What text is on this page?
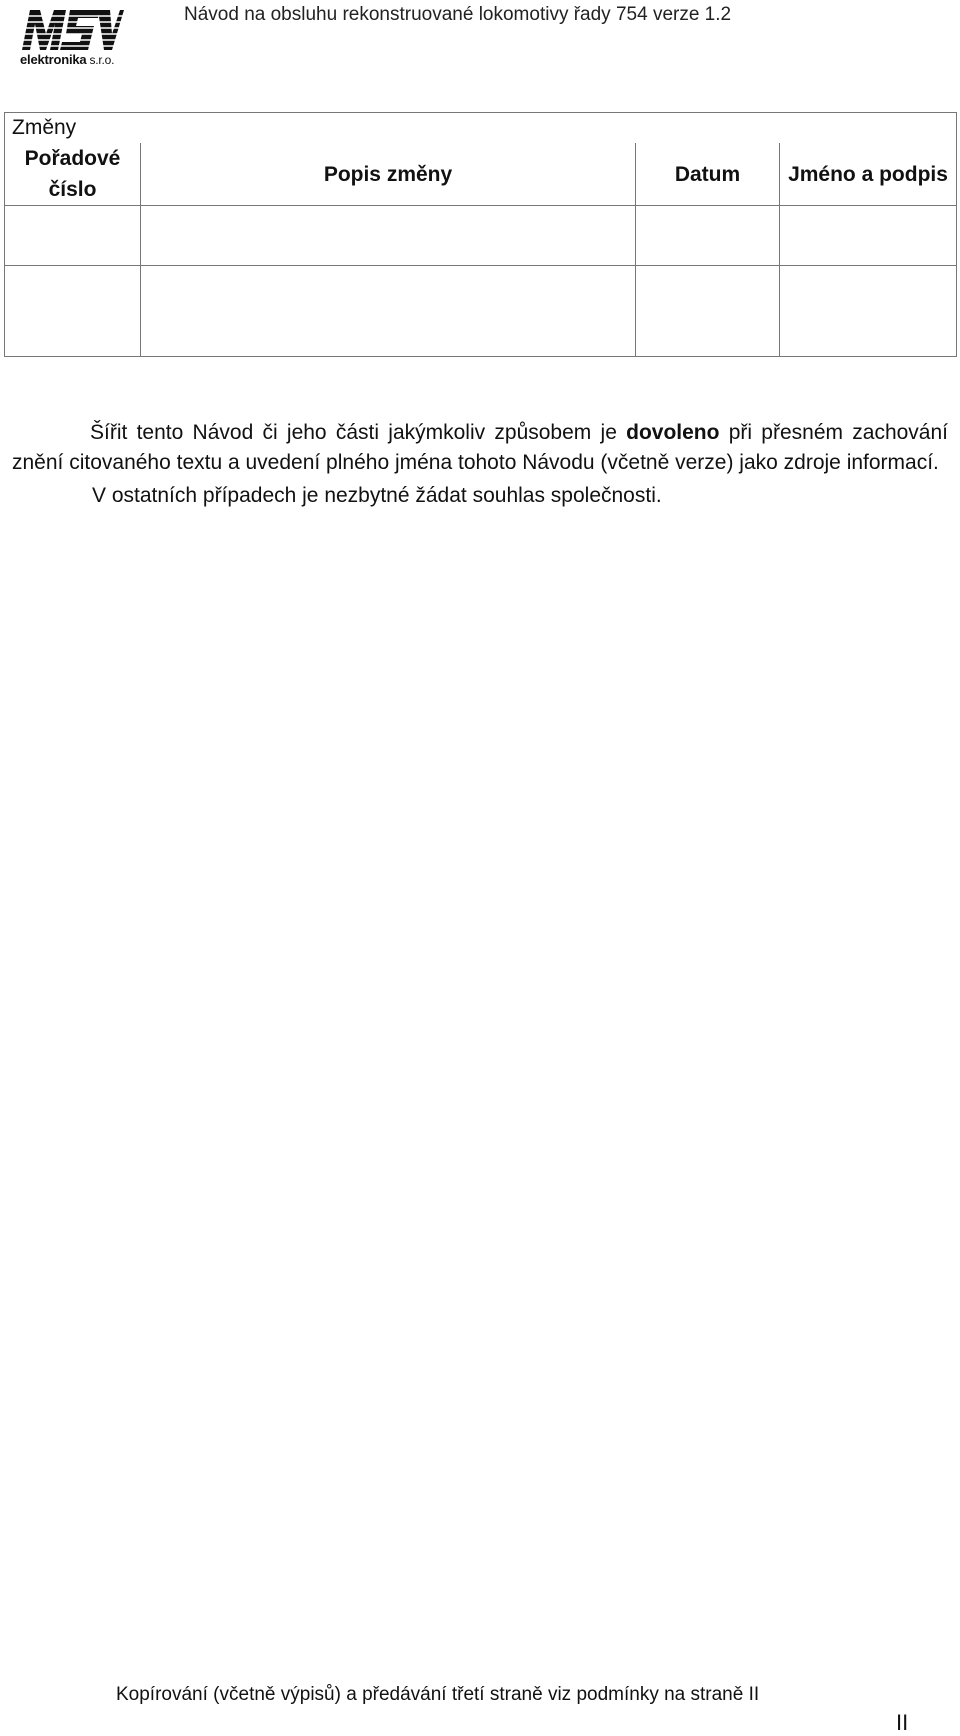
elektronika s.r.o.
Návod na obsluhu rekonstruované lokomotivy řady 754 verze 1.2
Změny			
Pořadové číslo	Popis změny	Datum	Jméno a podpis

Šířit tento Návod či jeho části jakýmkoliv způsobem je dovoleno při přesném zachování znění citovaného textu a uvedení plného jména tohoto Návodu (včetně verze) jako zdroje informací.

V ostatních případech je nezbytné žádat souhlas společnosti.

Kopírování (včetně výpisů) a předávání třetí straně viz podmínky na straně II
II
